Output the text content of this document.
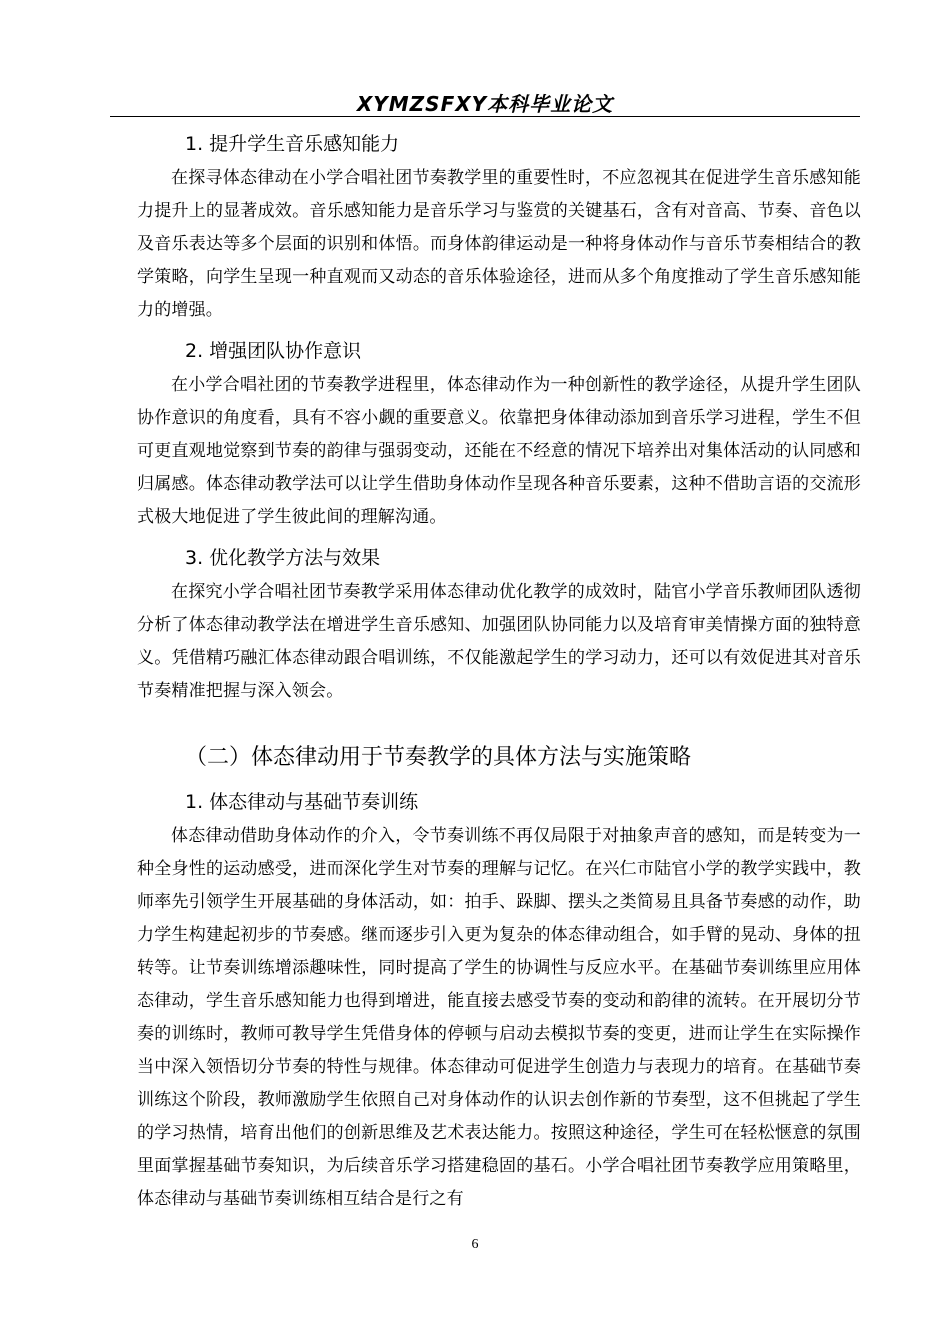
XYMZSFXY本科毕业论文
1. 提升学生音乐感知能力

在探寻体态律动在小学合唱社团节奏教学里的重要性时，不应忽视其在促进学生音乐感知能力提升上的显著成效。音乐感知能力是音乐学习与鉴赏的关键基石，含有对音高、节奏、音色以及音乐表达等多个层面的识别和体悟。而身体韵律运动是一种将身体动作与音乐节奏相结合的教学策略，向学生呈现一种直观而又动态的音乐体验途径，进而从多个角度推动了学生音乐感知能力的增强。

2. 增强团队协作意识

在小学合唱社团的节奏教学进程里，体态律动作为一种创新性的教学途径，从提升学生团队协作意识的角度看，具有不容小觑的重要意义。依靠把身体律动添加到音乐学习进程，学生不但可更直观地觉察到节奏的韵律与强弱变动，还能在不经意的情况下培养出对集体活动的认同感和归属感。体态律动教学法可以让学生借助身体动作呈现各种音乐要素，这种不借助言语的交流形式极大地促进了学生彼此间的理解沟通。

3. 优化教学方法与效果

在探究小学合唱社团节奏教学采用体态律动优化教学的成效时，陆官小学音乐教师团队透彻分析了体态律动教学法在增进学生音乐感知、加强团队协同能力以及培育审美情操方面的独特意义。凭借精巧融汇体态律动跟合唱训练，不仅能激起学生的学习动力，还可以有效促进其对音乐节奏精准把握与深入领会。

（二）体态律动用于节奏教学的具体方法与实施策略
1. 体态律动与基础节奏训练

体态律动借助身体动作的介入，令节奏训练不再仅局限于对抽象声音的感知，而是转变为一种全身性的运动感受，进而深化学生对节奏的理解与记忆。在兴仁市陆官小学的教学实践中，教师率先引领学生开展基础的身体活动，如：拍手、跺脚、摆头之类简易且具备节奏感的动作，助力学生构建起初步的节奏感。继而逐步引入更为复杂的体态律动组合，如手臂的晃动、身体的扭转等。让节奏训练增添趣味性，同时提高了学生的协调性与反应水平。在基础节奏训练里应用体态律动，学生音乐感知能力也得到增进，能直接去感受节奏的变动和韵律的流转。在开展切分节奏的训练时，教师可教导学生凭借身体的停顿与启动去模拟节奏的变更，进而让学生在实际操作当中深入领悟切分节奏的特性与规律。体态律动可促进学生创造力与表现力的培育。在基础节奏训练这个阶段，教师激励学生依照自己对身体动作的认识去创作新的节奏型，这不但挑起了学生的学习热情，培育出他们的创新思维及艺术表达能力。按照这种途径，学生可在轻松惬意的氛围里面掌握基础节奏知识，为后续音乐学习搭建稳固的基石。小学合唱社团节奏教学应用策略里，体态律动与基础节奏训练相互结合是行之有

6
